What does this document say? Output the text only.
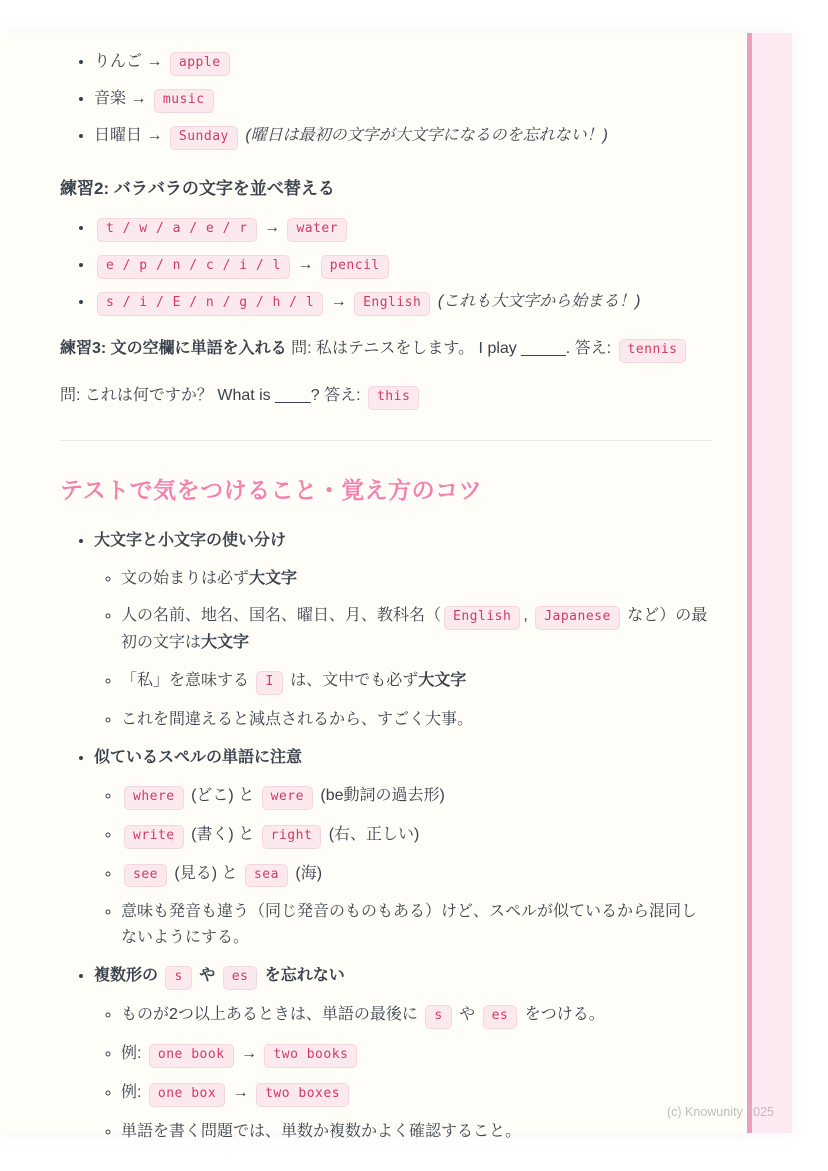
• りんご → apple
• 音楽 → music
• 日曜日 → Sunday (曜日は最初の文字が大文字になるのを忘れない！)
練習2: バラバラの文字を並べ替える
• t / w / a / e / r → water
• e / p / n / c / i / l → pencil
• s / i / E / n / g / h / l → English (これも大文字から始まる！)

練習3: 文の空欄に単語を入れる 問: 私はテニスをします。 I play _____. 答え: tennis

問: これは何ですか？ What is ____? 答え: this

テストで気をつけること・覚え方のコツ
• 大文字と小文字の使い分け
◦ 文の始まりは必ず大文字
◦ 人の名前、地名、国名、曜日、月、教科名（ English , Japanese など）の最初の文字は大文字
◦ 「私」を意味する I は、文中でも必ず大文字
◦ これを間違えると減点されるから、すごく大事。
• 似ているスペルの単語に注意
◦ where (どこ) と were (be動詞の過去形)
◦ write (書く) と right (右、正しい)
◦ see (見る) と sea (海)
◦ 意味も発音も違う（同じ発音のものもある）けど、スペルが似ているから混同しないようにする。
• 複数形の s や es を忘れない
◦ ものが2つ以上あるときは、単語の最後に s や es をつける。
◦ 例: one book → two books
◦ 例: one box → two boxes
◦ 単語を書く問題では、単数か複数かよく確認すること。
(c) Knowunity 2025
